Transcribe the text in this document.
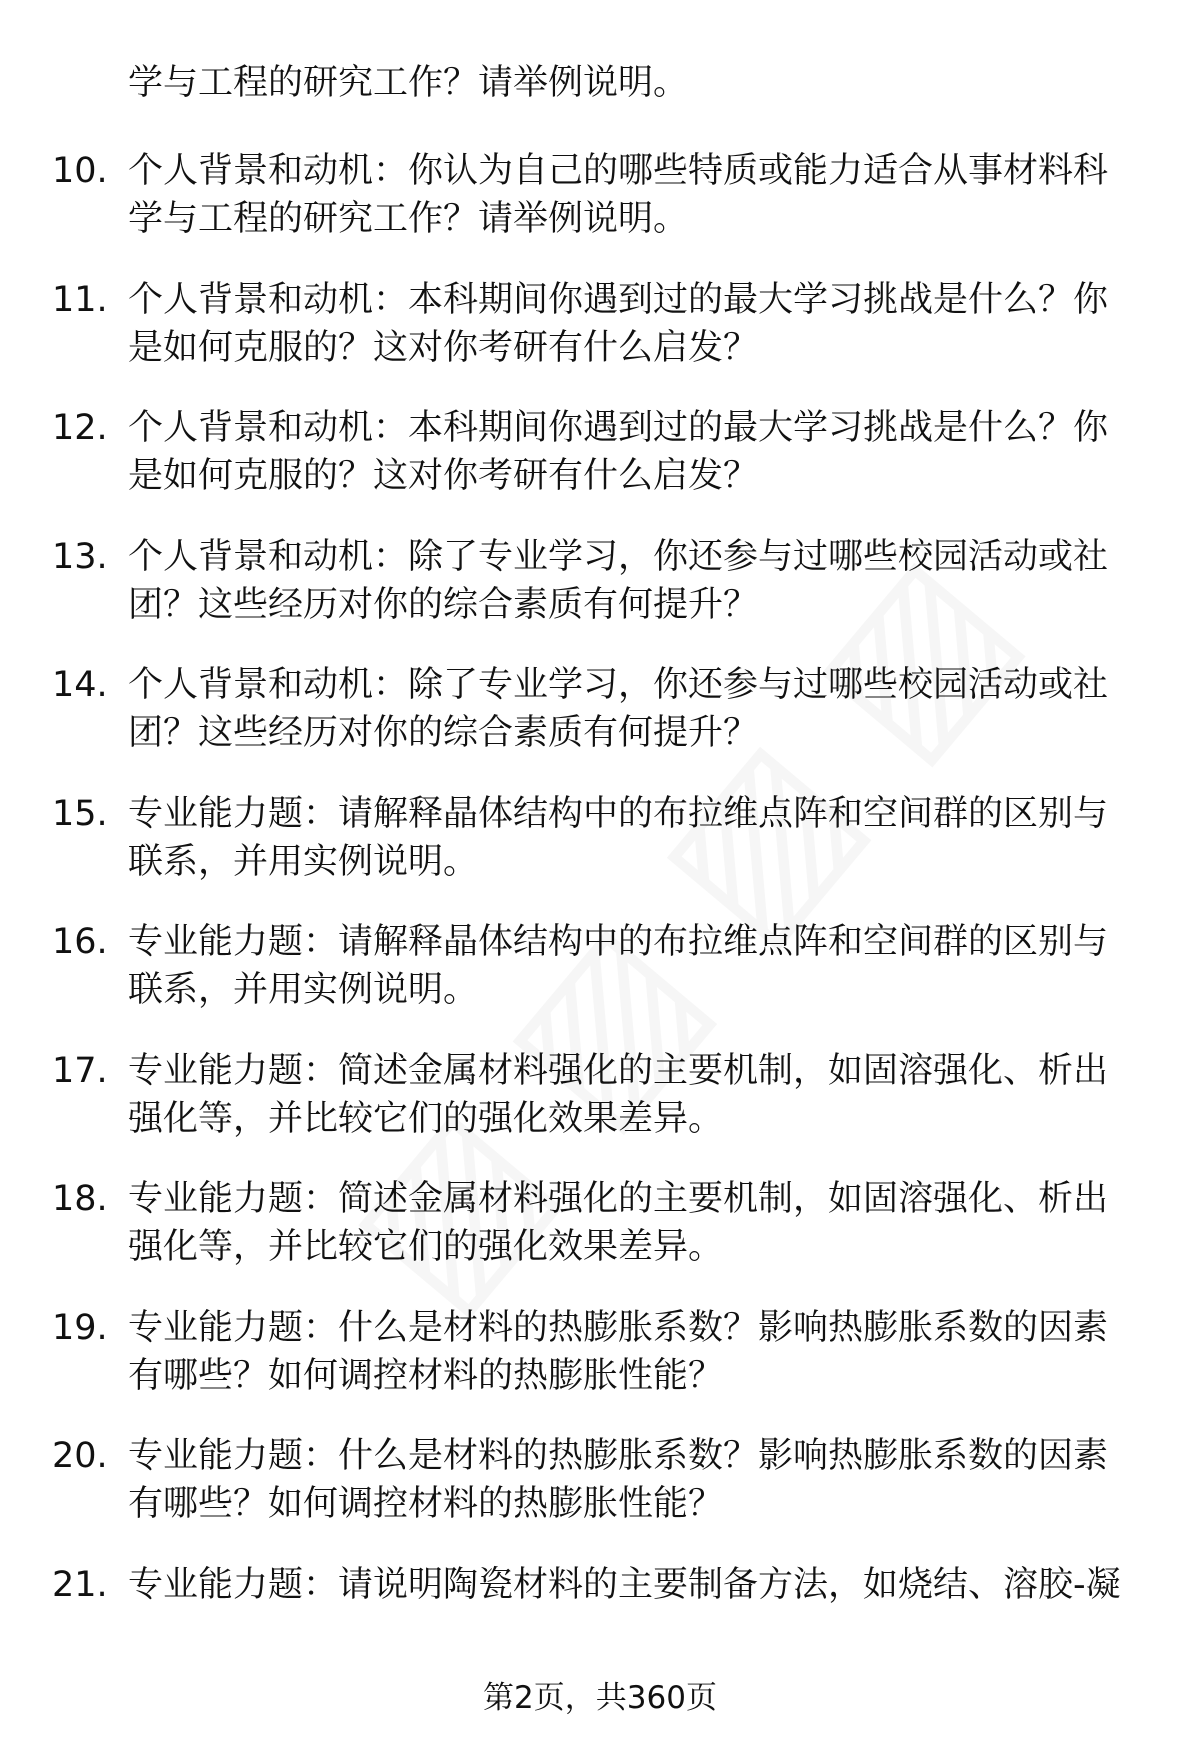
学与工程的研究工作？请举例说明。
10. 个人背景和动机：你认为自己的哪些特质或能力适合从事材料科
学与工程的研究工作？请举例说明。
11. 个人背景和动机：本科期间你遇到过的最大学习挑战是什么？你
是如何克服的？这对你考研有什么启发？
12. 个人背景和动机：本科期间你遇到过的最大学习挑战是什么？你
是如何克服的？这对你考研有什么启发？
13. 个人背景和动机：除了专业学习，你还参与过哪些校园活动或社
团？这些经历对你的综合素质有何提升？
14. 个人背景和动机：除了专业学习，你还参与过哪些校园活动或社
团？这些经历对你的综合素质有何提升？
15. 专业能力题：请解释晶体结构中的布拉维点阵和空间群的区别与
联系，并用实例说明。
16. 专业能力题：请解释晶体结构中的布拉维点阵和空间群的区别与
联系，并用实例说明。
17. 专业能力题：简述金属材料强化的主要机制，如固溶强化、析出
强化等，并比较它们的强化效果差异。
18. 专业能力题：简述金属材料强化的主要机制，如固溶强化、析出
强化等，并比较它们的强化效果差异。
19. 专业能力题：什么是材料的热膨胀系数？影响热膨胀系数的因素
有哪些？如何调控材料的热膨胀性能？
20. 专业能力题：什么是材料的热膨胀系数？影响热膨胀系数的因素
有哪些？如何调控材料的热膨胀性能？
21. 专业能力题：请说明陶瓷材料的主要制备方法，如烧结、溶胶-凝
第2页，共360页
